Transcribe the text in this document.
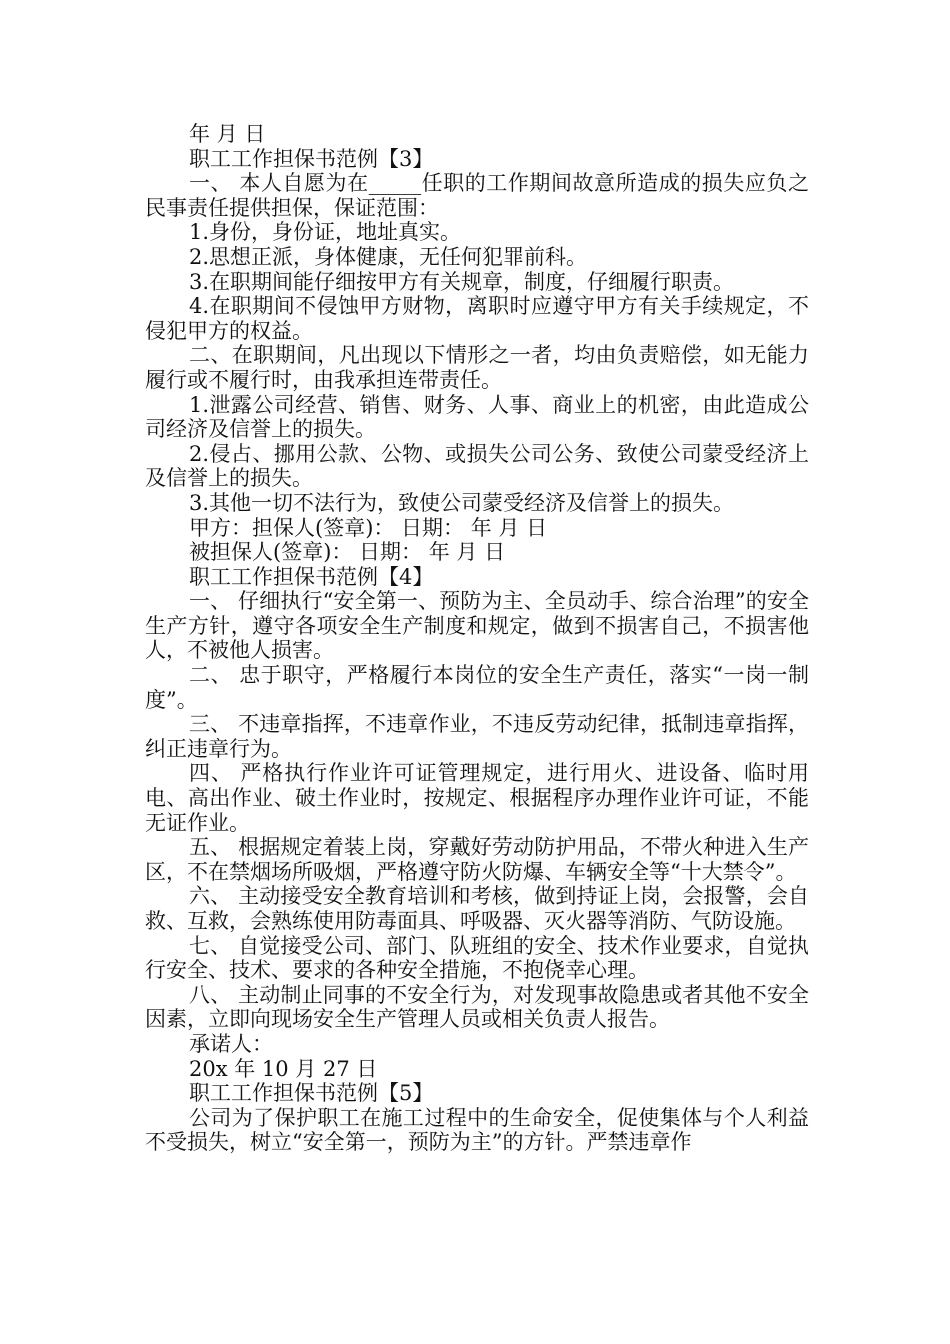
年 月 日

职工工作担保书范例【3】

一、 本人自愿为在_____任职的工作期间故意所造成的损失应负之民事责任提供担保，保证范围：

1.身份，身份证，地址真实。

2.思想正派，身体健康，无任何犯罪前科。

3.在职期间能仔细按甲方有关规章，制度，仔细履行职责。

4.在职期间不侵蚀甲方财物，离职时应遵守甲方有关手续规定，不侵犯甲方的权益。

二、在职期间，凡出现以下情形之一者，均由负责赔偿，如无能力履行或不履行时，由我承担连带责任。

1.泄露公司经营、销售、财务、人事、商业上的机密，由此造成公司经济及信誉上的损失。

2.侵占、挪用公款、公物、或损失公司公务、致使公司蒙受经济上及信誉上的损失。

3.其他一切不法行为，致使公司蒙受经济及信誉上的损失。

甲方：担保人(签章)： 日期： 年 月 日

被担保人(签章)： 日期： 年 月 日

职工工作担保书范例【4】

一、 仔细执行“安全第一、预防为主、全员动手、综合治理”的安全生产方针，遵守各项安全生产制度和规定，做到不损害自己，不损害他人，不被他人损害。

二、 忠于职守，严格履行本岗位的安全生产责任，落实“一岗一制度”。

三、 不违章指挥，不违章作业，不违反劳动纪律，抵制违章指挥，纠正违章行为。

四、 严格执行作业许可证管理规定，进行用火、进设备、临时用电、高出作业、破土作业时，按规定、根据程序办理作业许可证，不能无证作业。

五、 根据规定着装上岗，穿戴好劳动防护用品，不带火种进入生产区，不在禁烟场所吸烟，严格遵守防火防爆、车辆安全等“十大禁令”。

六、 主动接受安全教育培训和考核，做到持证上岗，会报警，会自救、互救，会熟练使用防毒面具、呼吸器、灭火器等消防、气防设施。

七、 自觉接受公司、部门、队班组的安全、技术作业要求，自觉执行安全、技术、要求的各种安全措施，不抱侥幸心理。

八、 主动制止同事的不安全行为，对发现事故隐患或者其他不安全因素，立即向现场安全生产管理人员或相关负责人报告。

承诺人：

20x 年 10 月 27 日

职工工作担保书范例【5】

公司为了保护职工在施工过程中的生命安全，促使集体与个人利益不受损失，树立“安全第一，预防为主”的方针。严禁违章作
